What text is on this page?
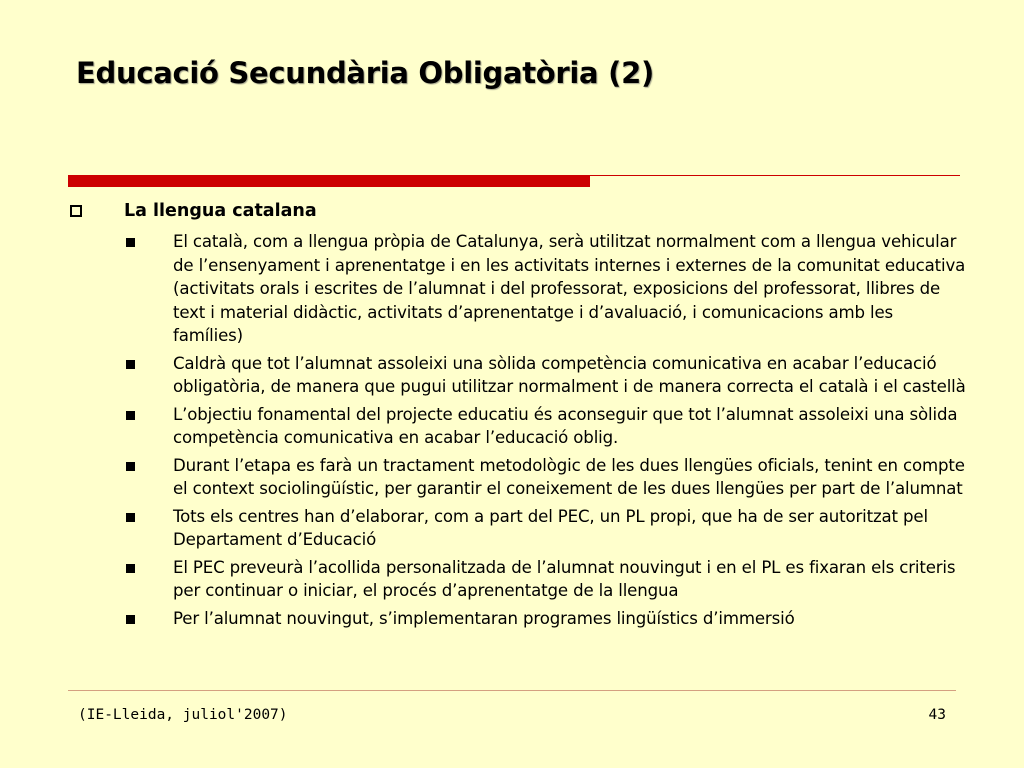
Educació Secundària Obligatòria (2)
La llengua catalana
El català, com a llengua pròpia de Catalunya, serà utilitzat normalment com a llengua vehicular de l’ensenyament i aprenentatge i en les activitats internes i externes de la comunitat educativa (activitats orals i escrites de l’alumnat i del professorat, exposicions del professorat, llibres de text i material didàctic, activitats d’aprenentatge i d’avaluació, i comunicacions amb les famílies)
Caldrà que tot l’alumnat assoleixi una sòlida competència comunicativa en acabar l’educació obligatòria, de manera que pugui utilitzar normalment i de manera correcta el català i el castellà
L’objectiu fonamental del projecte educatiu és aconseguir que tot l’alumnat assoleixi una sòlida competència comunicativa en acabar l’educació oblig.
Durant l’etapa es farà un tractament metodològic de les dues llengües oficials, tenint en compte el context sociolingüístic, per garantir el coneixement de les dues llengües per part de l’alumnat
Tots els centres han d’elaborar, com a part del PEC, un PL propi, que ha de ser autoritzat pel Departament d’Educació
El PEC preveurà l’acollida personalitzada de l’alumnat nouvingut i en el PL es fixaran els criteris per continuar o iniciar, el procés d’aprenentatge de la llengua
Per l’alumnat nouvingut, s’implementaran programes lingüístics d’immersió
(IE-Lleida, juliol'2007)	43
